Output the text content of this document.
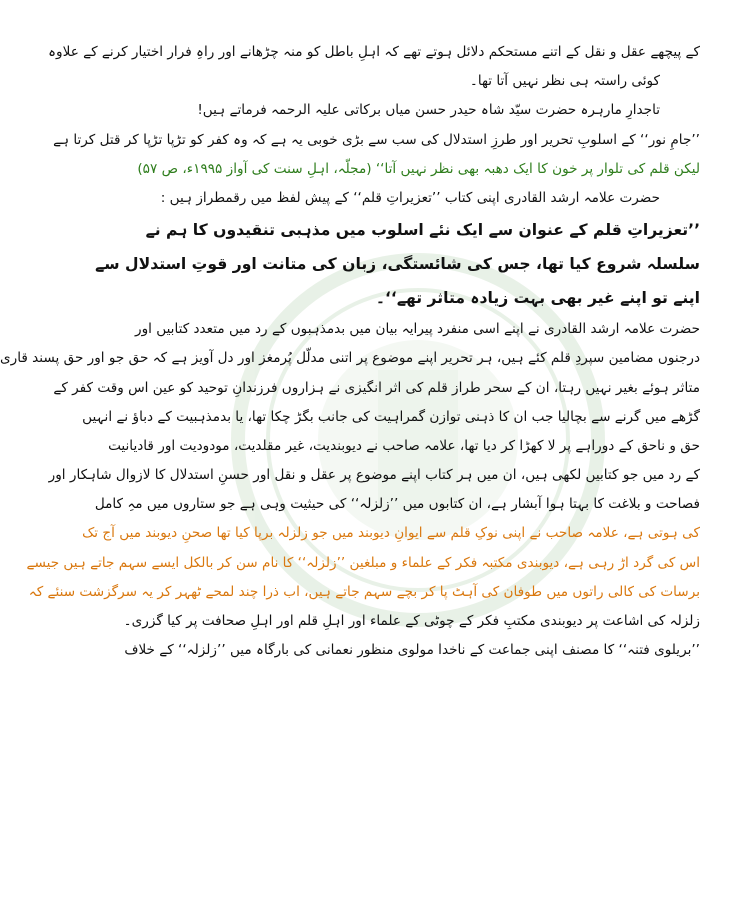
کے پیچھے عقل و نقل کے اتنے مستحکم دلائل ہوتے تھے کہ اہلِ باطل کو منہ چڑھانے اور راہِ فرار اختیار کرنے کے علاوہ
کوئی راستہ ہی نظر نہیں آتا تھا۔
تاجدارِ مارہرہ حضرت سیّد شاہ حیدر حسن میاں برکاتی علیہ الرحمہ فرماتے ہیں!
’’جامِ نور‘‘ کے اسلوبِ تحریر اور طرزِ استدلال کی سب سے بڑی خوبی یہ ہے کہ وہ کفر کو تڑپا تڑپا کر قتل کرتا ہے
لیکن قلم کی تلوار پر خون کا ایک دھبہ بھی نظر نہیں آتا‘‘ (مجلّہ، اہلِ سنت کی آواز ۱۹۹۵ء، ص ۵۷)
حضرت علامہ ارشد القادری اپنی کتاب ’’تعزیراتِ قلم‘‘ کے پیش لفظ میں رقمطراز ہیں :
’’تعزیراتِ قلم کے عنوان سے ایک نئے اسلوب میں مذہبی تنقیدوں کا ہم نے
سلسلہ شروع کیا تھا، جس کی شائستگی، زبان کی متانت اور قوتِ استدلال سے
اپنے تو اپنے غیر بھی بہت زیادہ متاثر تھے‘‘۔
حضرت علامہ ارشد القادری نے اپنے اسی منفرد پیرایہ بیان میں بدمذہبوں کے رد میں متعدد کتابیں اور
درجنوں مضامین سپردِ قلم کئے ہیں، ہر تحریر اپنے موضوع پر اتنی مدلّل پُرمغز اور دل آویز ہے کہ حق جو اور حق پسند قاری
متاثر ہوئے بغیر نہیں رہتا، ان کے سحر طراز قلم کی اثر انگیزی نے ہزاروں فرزندانِ توحید کو عین اس وقت کفر کے
گڑھے میں گرنے سے بچالیا جب ان کا ذہنی توازن گمراہیت کی جانب بگڑ چکا تھا، یا بدمذہبیت کے دباؤ نے انہیں
حق و ناحق کے دوراہے پر لا کھڑا کر دیا تھا، علامہ صاحب نے دیوبندیت، غیر مقلدیت، مودودیت اور قادیانیت
کے رد میں جو کتابیں لکھی ہیں، ان میں ہر کتاب اپنے موضوع پر عقل و نقل اور حسنِ استدلال کا لازوال شاہکار اور
فصاحت و بلاغت کا بہتا ہوا آبشار ہے، ان کتابوں میں ’’زلزلہ‘‘ کی حیثیت وہی ہے جو ستاروں میں مہِ کامل
کی ہوتی ہے، علامہ صاحب نے اپنی نوکِ قلم سے ایوانِ دیوبند میں جو زلزلہ برپا کیا تھا صحنِ دیوبند میں آج تک
اس کی گرد اڑ رہی ہے، دیوبندی مکتبہ فکر کے علماء و مبلغین ’’زلزلہ‘‘ کا نام سن کر بالکل ایسے سہم جاتے ہیں جیسے
برسات کی کالی راتوں میں طوفان کی آہٹ پا کر بچے سہم جاتے ہیں، اب ذرا چند لمحے ٹھہر کر یہ سرگزشت سنئے کہ
زلزلہ کی اشاعت پر دیوبندی مکتبِ فکر کے چوٹی کے علماء اور اہلِ قلم اور اہلِ صحافت پر کیا گزری۔
’’بریلوی فتنہ‘‘ کا مصنف اپنی جماعت کے ناخدا مولوی منظور نعمانی کی بارگاہ میں ’’زلزلہ‘‘ کے خلاف
